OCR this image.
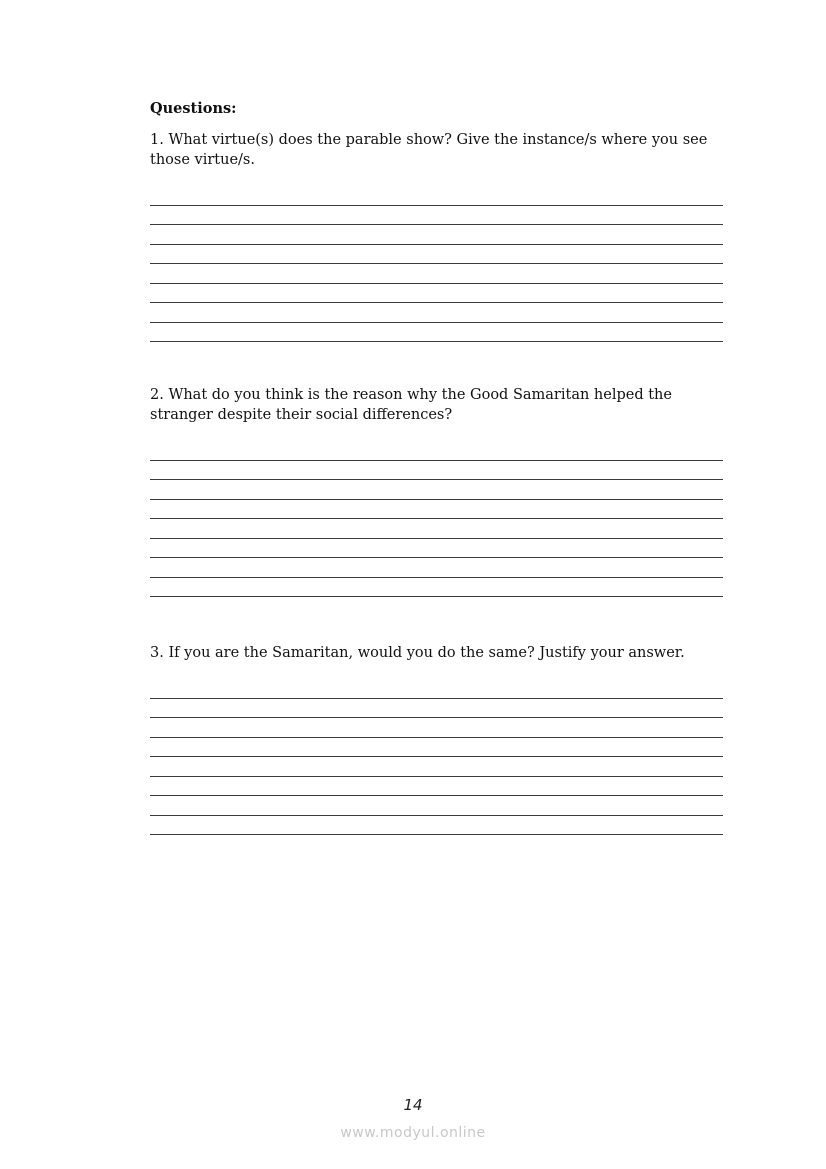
Questions:

1. What virtue(s) does the parable show? Give the instance/s where you see those virtue/s.

2. What do you think is the reason why the Good Samaritan helped the stranger despite their social differences?

3. If you are the Samaritan, would you do the same? Justify your answer.

14
www.modyul.online
